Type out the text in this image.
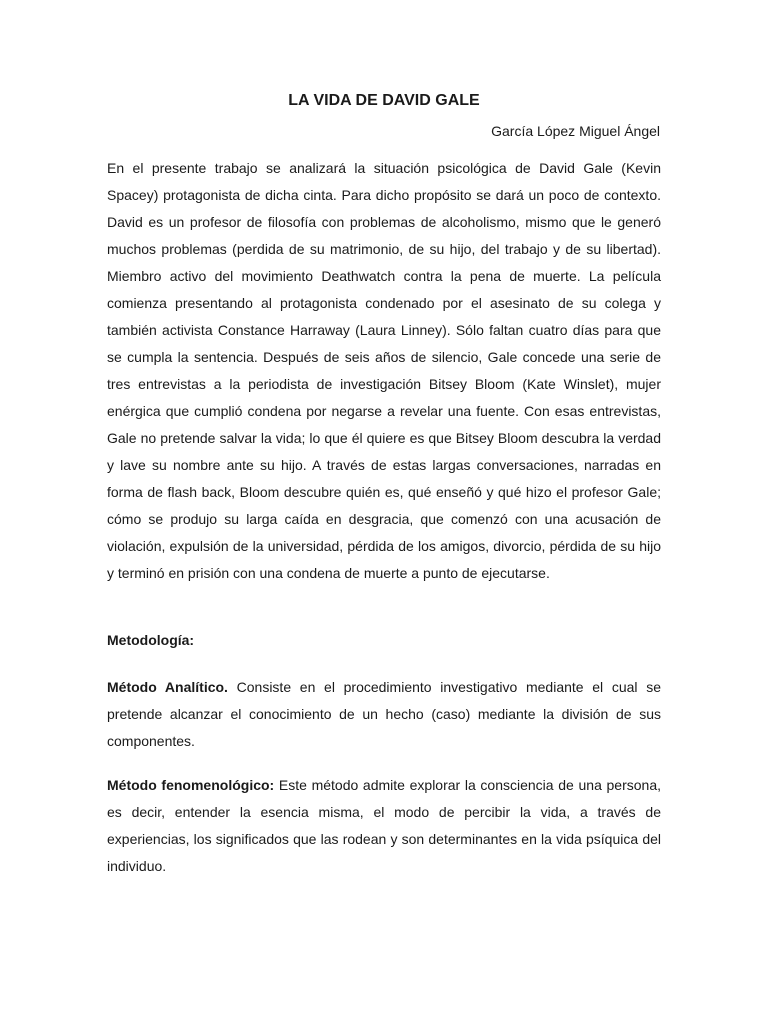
LA VIDA DE DAVID GALE

García López Miguel Ángel

En el presente trabajo se analizará la situación psicológica de David Gale (Kevin Spacey) protagonista de dicha cinta. Para dicho propósito se dará un poco de contexto. David es un profesor de filosofía con problemas de alcoholismo, mismo que le generó muchos problemas (perdida de su matrimonio, de su hijo, del trabajo y de su libertad). Miembro activo del movimiento Deathwatch contra la pena de muerte. La película comienza presentando al protagonista condenado por el asesinato de su colega y también activista Constance Harraway (Laura Linney). Sólo faltan cuatro días para que se cumpla la sentencia. Después de seis años de silencio, Gale concede una serie de tres entrevistas a la periodista de investigación Bitsey Bloom (Kate Winslet), mujer enérgica que cumplió condena por negarse a revelar una fuente. Con esas entrevistas, Gale no pretende salvar la vida; lo que él quiere es que Bitsey Bloom descubra la verdad y lave su nombre ante su hijo. A través de estas largas conversaciones, narradas en forma de flash back, Bloom descubre quién es, qué enseñó y qué hizo el profesor Gale; cómo se produjo su larga caída en desgracia, que comenzó con una acusación de violación, expulsión de la universidad, pérdida de los amigos, divorcio, pérdida de su hijo y terminó en prisión con una condena de muerte a punto de ejecutarse.

Metodología:

Método Analítico. Consiste en el procedimiento investigativo mediante el cual se pretende alcanzar el conocimiento de un hecho (caso) mediante la división de sus componentes.

Método fenomenológico: Este método admite explorar la consciencia de una persona, es decir, entender la esencia misma, el modo de percibir la vida, a través de experiencias, los significados que las rodean y son determinantes en la vida psíquica del individuo.
